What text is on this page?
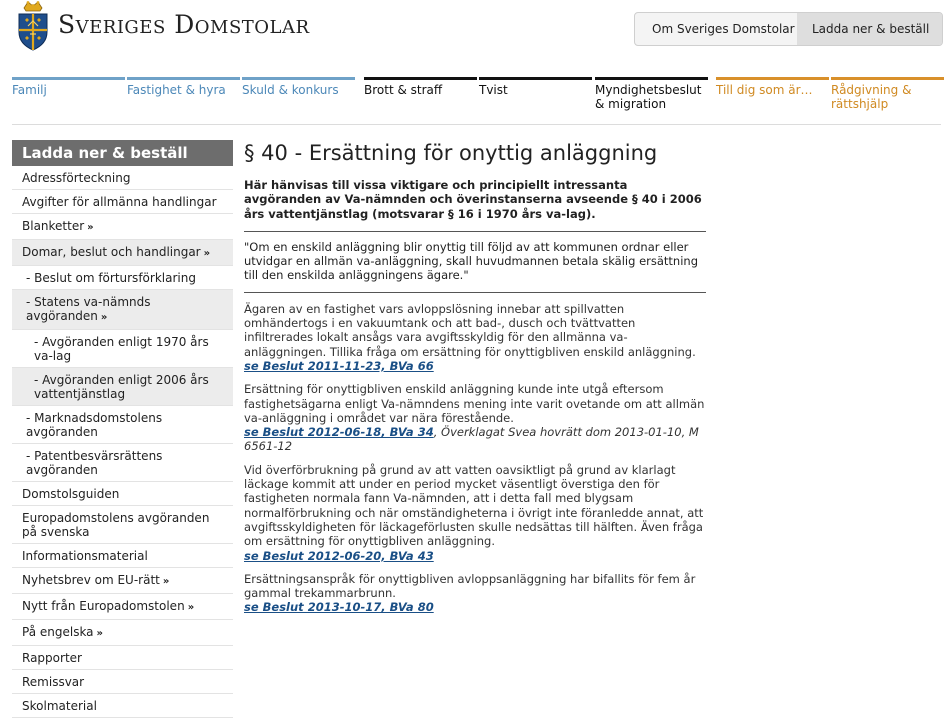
Sveriges Domstolar	Om Sveriges Domstolar	Ladda ner & beställ
Familj	Fastighet & hyra	Skuld & konkurs	Brott & straff	Tvist	Myndighetsbeslut & migration
Till dig som är…	Rådgivning & rättshjälp
Ladda ner & beställ
Adressförteckning
Avgifter för allmänna handlingar
Blanketter »
Domar, beslut och handlingar »
- Beslut om förtursförklaring
- Statens va-nämnds avgöranden »
- Avgöranden enligt 1970 års va-lag
- Avgöranden enligt 2006 års vattentjänstlag
- Marknadsdomstolens avgöranden
- Patentbesvärsrättens avgöranden
Domstolsguiden
Europadomstolens avgöranden på svenska
Informationsmaterial
Nyhetsbrev om EU-rätt »
Nytt från Europadomstolen »
På engelska »
Rapporter
Remissvar
Skolmaterial
§ 40 - Ersättning för onyttig anläggning
Här hänvisas till vissa viktigare och principiellt intressanta avgöranden av Va-nämnden och överinstanserna avseende § 40 i 2006 års vattentjänstlag (motsvarar § 16 i 1970 års va-lag).
"Om en enskild anläggning blir onyttig till följd av att kommunen ordnar eller utvidgar en allmän va-anläggning, skall huvudmannen betala skälig ersättning till den enskilda anläggningens ägare."

Ägaren av en fastighet vars avloppslösning innebar att spillvatten omhändertogs i en vakuumtank och att bad-, dusch och tvättvatten infiltrerades lokalt ansågs vara avgiftsskyldig för den allmänna va-anläggningen. Tillika fråga om ersättning för onyttigbliven enskild anläggning.

se Beslut 2011-11-23, BVa 66

Ersättning för onyttigbliven enskild anläggning kunde inte utgå eftersom fastighetsägarna enligt Va-nämndens mening inte varit ovetande om att allmän va-anläggning i området var nära förestående.

se Beslut 2012-06-18, BVa 34, Överklagat Svea hovrätt dom 2013-01-10, M 6561-12

Vid överförbrukning på grund av att vatten oavsiktligt på grund av klarlagt läckage kommit att under en period mycket väsentligt överstiga den för fastigheten normala fann Va-nämnden, att i detta fall med blygsam normalförbrukning och när omständigheterna i övrigt inte föranledde annat, att avgiftsskyldigheten för läckageförlusten skulle nedsättas till hälften. Även fråga om ersättning för onyttigbliven anläggning.

se Beslut 2012-06-20, BVa 43

Ersättningsanspråk för onyttigbliven avloppsanläggning har bifallits för fem år gammal trekammarbrunn.

se Beslut 2013-10-17, BVa 80
